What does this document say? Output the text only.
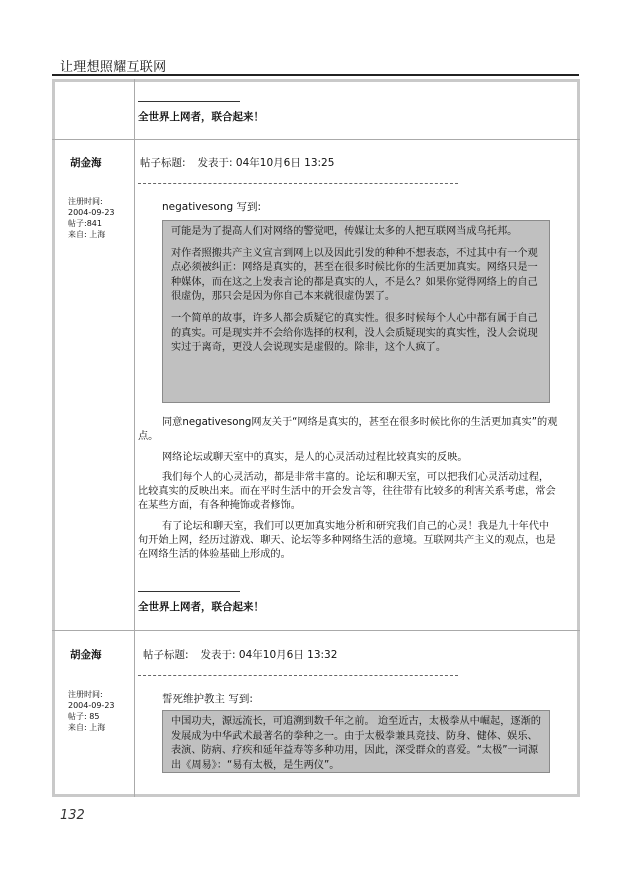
让理想照耀互联网
全世界上网者，联合起来！
胡金海
注册时间:
2004-09-23
帖子:841
来自: 上海
帖子标题: 发表于: 04年10月6日 13:25
negativesong 写到:

可能是为了提高人们对网络的警觉吧，传媒让太多的人把互联网当成乌托邦。

对作者照搬共产主义宣言到网上以及因此引发的种种不想表态，不过其中有一个观点必须被纠正：网络是真实的，甚至在很多时候比你的生活更加真实。网络只是一种媒体，而在这之上发表言论的都是真实的人，不是么？如果你觉得网络上的自己很虚伪，那只会是因为你自己本来就很虚伪罢了。

一个简单的故事，许多人都会质疑它的真实性。很多时候每个人心中都有属于自己的真实。可是现实并不会给你选择的权利，没人会质疑现实的真实性，没人会说现实过于离奇，更没人会说现实是虚假的。除非，这个人疯了。

同意negativesong网友关于“网络是真实的，甚至在很多时候比你的生活更加真实”的观点。

网络论坛或聊天室中的真实，是人的心灵活动过程比较真实的反映。

我们每个人的心灵活动，都是非常丰富的。论坛和聊天室，可以把我们心灵活动过程，比较真实的反映出来。而在平时生活中的开会发言等，往往带有比较多的利害关系考虑，常会在某些方面，有各种掩饰或者修饰。

有了论坛和聊天室，我们可以更加真实地分析和研究我们自己的心灵！我是九十年代中旬开始上网，经历过游戏、聊天、论坛等多种网络生活的意境。互联网共产主义的观点，也是在网络生活的体验基础上形成的。

全世界上网者，联合起来！
胡金海
注册时间:
2004-09-23
帖子: 85
来自: 上海
帖子标题: 发表于: 04年10月6日 13:32
誓死维护教主 写到:

中国功夫，源远流长，可追溯到数千年之前。 迨至近古，太极拳从中崛起，逐渐的发展成为中华武术最著名的拳种之一。由于太极拳兼具竞技、防身、健体、娱乐、表演、防病、疗疾和延年益寿等多种功用，因此，深受群众的喜爱。“太极”一词源出《周易》：“易有太极，是生两仪”。

132
